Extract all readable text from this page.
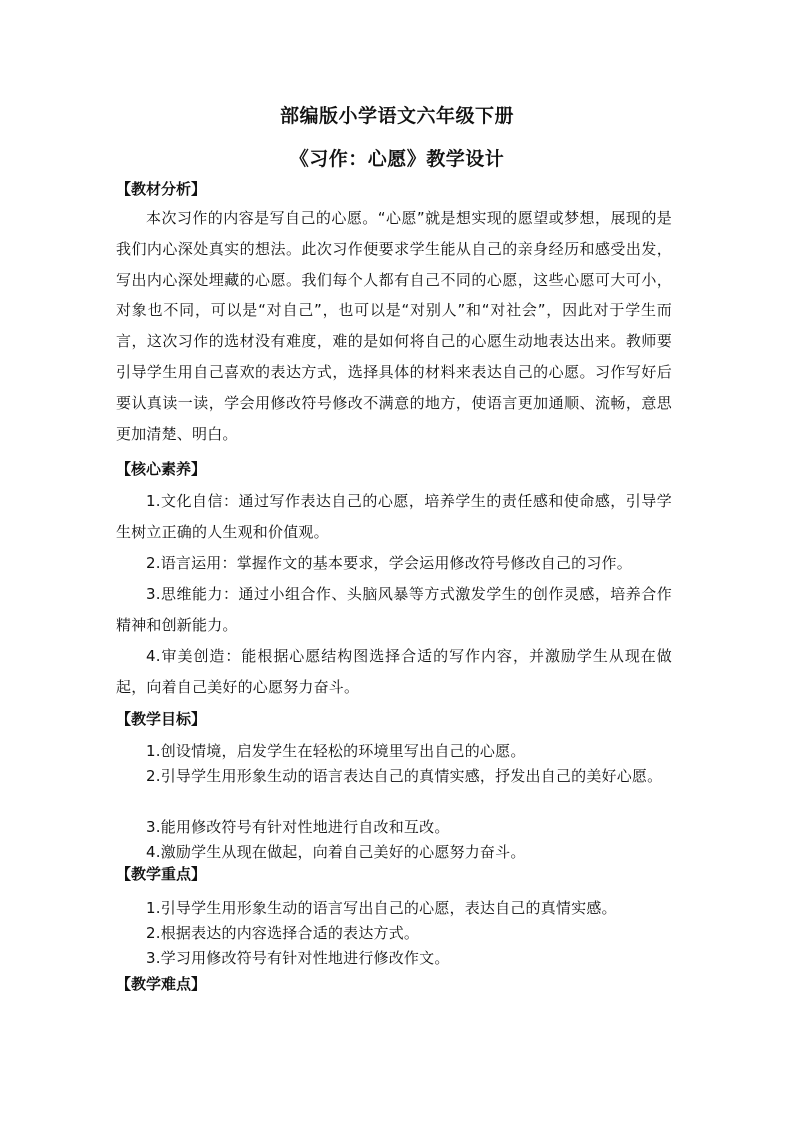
部编版小学语文六年级下册
《习作：心愿》教学设计
【教材分析】
本次习作的内容是写自己的心愿。“心愿”就是想实现的愿望或梦想，展现的是我们内心深处真实的想法。此次习作便要求学生能从自己的亲身经历和感受出发，写出内心深处埋藏的心愿。我们每个人都有自己不同的心愿，这些心愿可大可小，对象也不同，可以是“对自己”，也可以是“对别人”和“对社会”，因此对于学生而言，这次习作的选材没有难度，难的是如何将自己的心愿生动地表达出来。教师要引导学生用自己喜欢的表达方式，选择具体的材料来表达自己的心愿。习作写好后要认真读一读，学会用修改符号修改不满意的地方，使语言更加通顺、流畅，意思更加清楚、明白。
【核心素养】
1.文化自信：通过写作表达自己的心愿，培养学生的责任感和使命感，引导学生树立正确的人生观和价值观。
2.语言运用：掌握作文的基本要求，学会运用修改符号修改自己的习作。
3.思维能力：通过小组合作、头脑风暴等方式激发学生的创作灵感，培养合作精神和创新能力。
4.审美创造：能根据心愿结构图选择合适的写作内容，并激励学生从现在做起，向着自己美好的心愿努力奋斗。
【教学目标】
1.创设情境，启发学生在轻松的环境里写出自己的心愿。
2.引导学生用形象生动的语言表达自己的真情实感，抒发出自己的美好心愿。
3.能用修改符号有针对性地进行自改和互改。
4.激励学生从现在做起，向着自己美好的心愿努力奋斗。
【教学重点】
1.引导学生用形象生动的语言写出自己的心愿，表达自己的真情实感。
2.根据表达的内容选择合适的表达方式。
3.学习用修改符号有针对性地进行修改作文。
【教学难点】
